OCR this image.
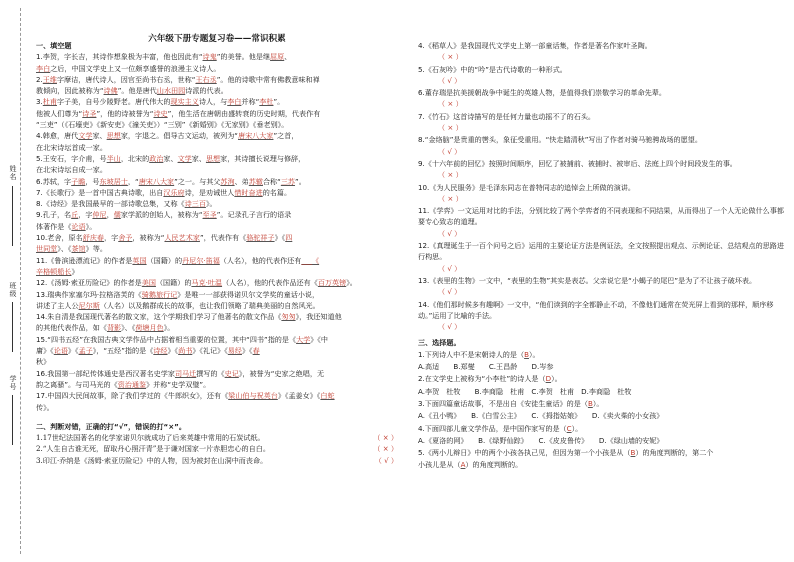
姓名
班级
学号
六年级下册专题复习卷——常识积累

一、填空题

1.李贺，字长吉，其诗作想象极为丰富，他也因此有“诗鬼”的美誉。他是继屈原、

李白之后，中国文学史上又一位颇享盛誉的浪漫主义诗人。

2.王维字摩诘，唐代诗人，因官至尚书右丞，世称“王右丞”。他的诗歌中常有佛教意味和禅

教倾向，因此被称为“诗佛”。他是唐代山水田园诗派的代表。

3.杜甫字子美，自号少陵野老。唐代伟大的现实主义诗人，与李白并称“李杜”。

他被人们尊为“诗圣”，他的诗被誉为“诗史”，他生活在唐朝由盛转衰的历史时期，代表作有

“三吏”（《石壕吏》《新安吏》《潼关吏》）“三别”《新婚别》《无家别》《垂老别》。

4.韩愈，唐代文学家、思想家，字退之。倡导古文运动，被列为“唐宋八大家”之首，

在北宋诗坛首成一家。

5.王安石，字介甫，号半山，北宋的政治家、文学家、思想家，其诗擅长说理与修辞，

在北宋诗坛自成一家。

6.苏轼，字子瞻，号东坡居士，“唐宋八大家”之一。与其父苏洵、弟苏辙合称“三苏”。

7.《长歌行》是一首中国古典诗歌，出自汉乐府诗，是劝诫世人惜时奋进的名篇。

8.《诗经》是我国最早的一部诗歌总集，又称《诗三百》。

9.孔子，名丘，字仲尼，儒家学派的创始人，被称为“至圣”。记录孔子言行的语录

体著作是《论语》。

10.老舍，原名舒庆春，字舍予，被称为“人民艺术家”，代表作有《骆驼祥子》《四

世同堂》、《茶馆》等。

11.《鲁滨逊漂流记》的作者是英国（国籍）的丹尼尔·笛福（人名），他的代表作还有___《

辛格顿船长》

12.《汤姆·索亚历险记》的作者是美国（国籍）的马克·吐温（人名），他的代表作品还有《百万英镑》。

13.瑞典作家塞尔玛·拉格洛芙的《骑鹅旅行记》是唯一一部获得诺贝尔文学奖的童话小说，

讲述了主人公尼尔斯（人名）以及鹅群成长的故事，也让我们领略了瑞典美丽的自然风光。

14.朱自清是我国现代著名的散文家，这个学期我们学习了他著名的散文作品《匆匆》，我还知道他

的其他代表作品，如《背影》、《荷塘月色》。

15.“四书五经”在我国古典文学作品中占据着相当重要的位置，其中“四书”指的是《大学》《中

庸》《论语》《孟子》，“五经”指的是《诗经》《尚书》《礼记》《易经》《春

秋》

16.我国第一部纪传体通史是西汉著名史学家司马迁撰写的《史记》，被誉为“史家之绝唱，无

韵之离骚”。与司马光的《资治通鉴》并称“史学双璧”。

17.中国四大民间故事，除了我们学过的《牛郎织女》，还有《梁山伯与祝英台》《孟姜女》《白蛇

传》。

二、判断对错，正确的打“√”，错误的打“×”。

1.17世纪法国著名的化学家诺贝尔就成功了后来英雄中常用的石炭试纸。	（ × ）

2.“人生自古谁无死，留取丹心照汗青”是于谦对国家一片赤胆忠心的自白。	（ × ）

3.印江·乔纳是《汤姆·索亚历险记》中的人物，因为被封在山洞中而丧命。	（ √ ）

4.《稻草人》是我国现代文学史上第一部童话集，作者是著名作家叶圣陶。
（ × ）

5.《石灰吟》中的“吟”是古代诗歌的一种形式。
（ √ ）

6.董存瑞是抗美援朝战争中诞生的英雄人物，是值得我们崇敬学习的革命先辈。
（ × ）

7.《竹石》这首诗描写的是任何力量也动摇不了的石头。
（ × ）

8.“金络脑”是贵重的辔头，象征受重用。“快走踏清秋”写出了作者对骑马驰骋战场的愿望。
（ √ ）

9.《十六年前的回忆》按照时间顺序，回忆了被捕前、被捕时、被审后、法庭上四个时间段发生的事。
（ × ）

10.《为人民服务》是毛泽东同志在普特同志的追悼会上所做的演讲。
（ × ）

11.《学弈》一文运用对比的手法，分别比较了两个学弈者的不同表现和不同结果，从而得出了一个人无论做什么事都要专心致志的道理。
（ √ ）

12.《真理诞生于一百个问号之后》运用的主要论证方法是例证法，全文按照提出观点、示例论证、总结观点的思路进行构思。
（ √ ）

13.《表里的生物》一文中，“表里的生物”其实是表芯。父亲说它是“小蝎子的尾巴”是为了不让孩子破坏表。
（ √ ）

14.《他们那时候多有趣啊》一文中，“他们读到的字全都静止不动，不像他们通常在荧光屏上看到的那样，顺序移动。”运用了比喻的手法。
（ √ ）

三、选择题。

1.下列诗人中不是宋朝诗人的是（B）。

A.高适　　B.郑燮　　C.王昌龄　　D.岑参

2.在文学史上被称为“小李杜”的诗人是（D）。

A.李贺　杜牧　　B.李商隐　杜甫　C.李贺　杜甫　D.李商隐　杜牧

3.下面四篇童话故事，不是出自《安徒生童话》的是（B）。

A.《丑小鸭》　　B.《白雪公主》　　C.《拇指姑娘》　　D.《卖火柴的小女孩》

4.下面四部儿童文学作品，是中国作家写的是（C）。

A.《夏洛的网》　　B.《绿野仙踪》　　C.《皮皮鲁传》　　D.《绿山墙的安妮》

5.《两小儿辩日》中的两个小孩各执己见，但因为第一个小孩是从（B）的角度判断的，第二个

小孩儿是从（A）的角度判断的。
